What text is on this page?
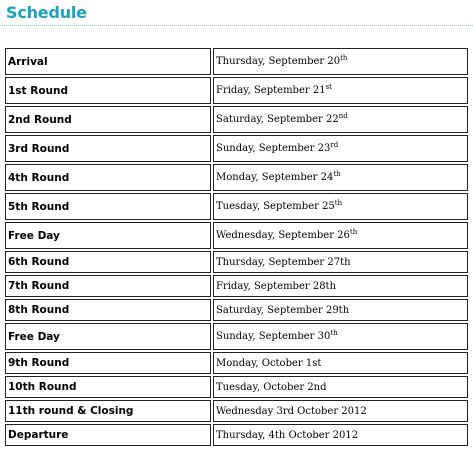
Schedule
Arrival	Thursday, September 20th
1st Round	Friday, September 21st
2nd Round	Saturday, September 22nd
3rd Round	Sunday, September 23rd
4th Round	Monday, September 24th
5th Round	Tuesday, September 25th
Free Day	Wednesday, September 26th
6th Round	Thursday, September 27th
7th Round	Friday, September 28th
8th Round	Saturday, September 29th
Free Day	Sunday, September 30th
9th Round	Monday, October 1st
10th Round	Tuesday, October 2nd
11th round & Closing	Wednesday 3rd October 2012
Departure	Thursday, 4th October 2012
